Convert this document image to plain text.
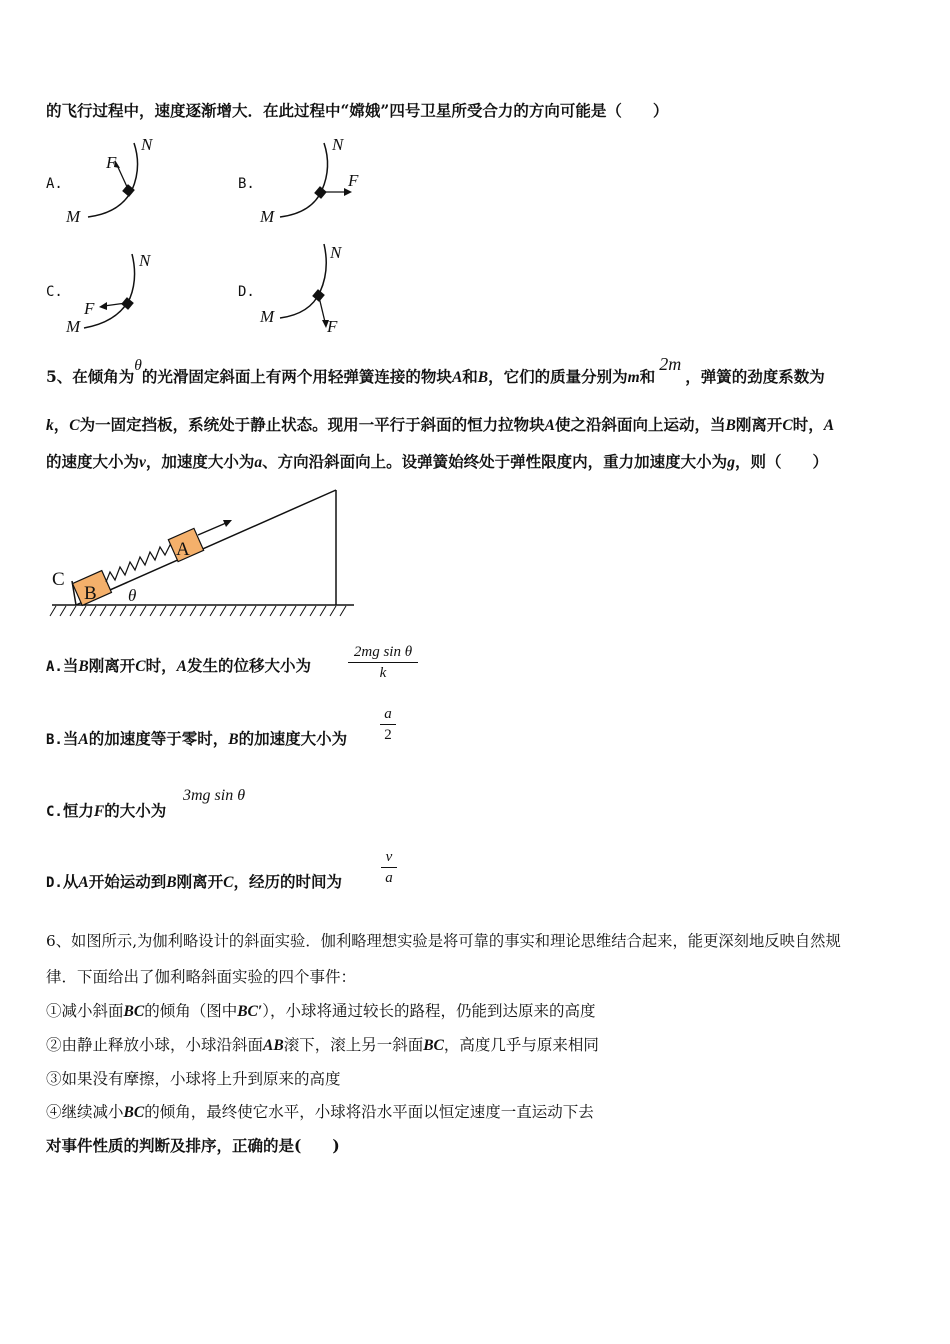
的飞行过程中，速度逐渐增大．在此过程中“嫦娥”四号卫星所受合力的方向可能是（　　）
A.
N
M
F
B.
N
M
F
C.
N
M
F
D.
N
M
F
5、在倾角为θ的光滑固定斜面上有两个用轻弹簧连接的物块A和B，它们的质量分别为m和2m，弹簧的劲度系数为
k，C为一固定挡板，系统处于静止状态。现用一平行于斜面的恒力拉物块A使之沿斜面向上运动，当B刚离开C时，A
的速度大小为v，加速度大小为a、方向沿斜面向上。设弹簧始终处于弹性限度内，重力加速度大小为g，则（　　）
C
B
A
θ
A.当B刚离开C时，A发生的位移大小为
2mg sin θ
k
B.当A的加速度等于零时，B的加速度大小为
a
2
C.恒力F的大小为
3mg sin θ
D.从A开始运动到B刚离开C，经历的时间为
v
a
6、如图所示,为伽利略设计的斜面实验．伽利略理想实验是将可靠的事实和理论思维结合起来，能更深刻地反映自然规
律．下面给出了伽利略斜面实验的四个事件：
①减小斜面BC的倾角（图中BC′），小球将通过较长的路程，仍能到达原来的高度
②由静止释放小球，小球沿斜面AB滚下，滚上另一斜面BC，高度几乎与原来相同
③如果没有摩擦，小球将上升到原来的高度
④继续减小BC的倾角，最终使它水平，小球将沿水平面以恒定速度一直运动下去
对事件性质的判断及排序，正确的是(　　)
